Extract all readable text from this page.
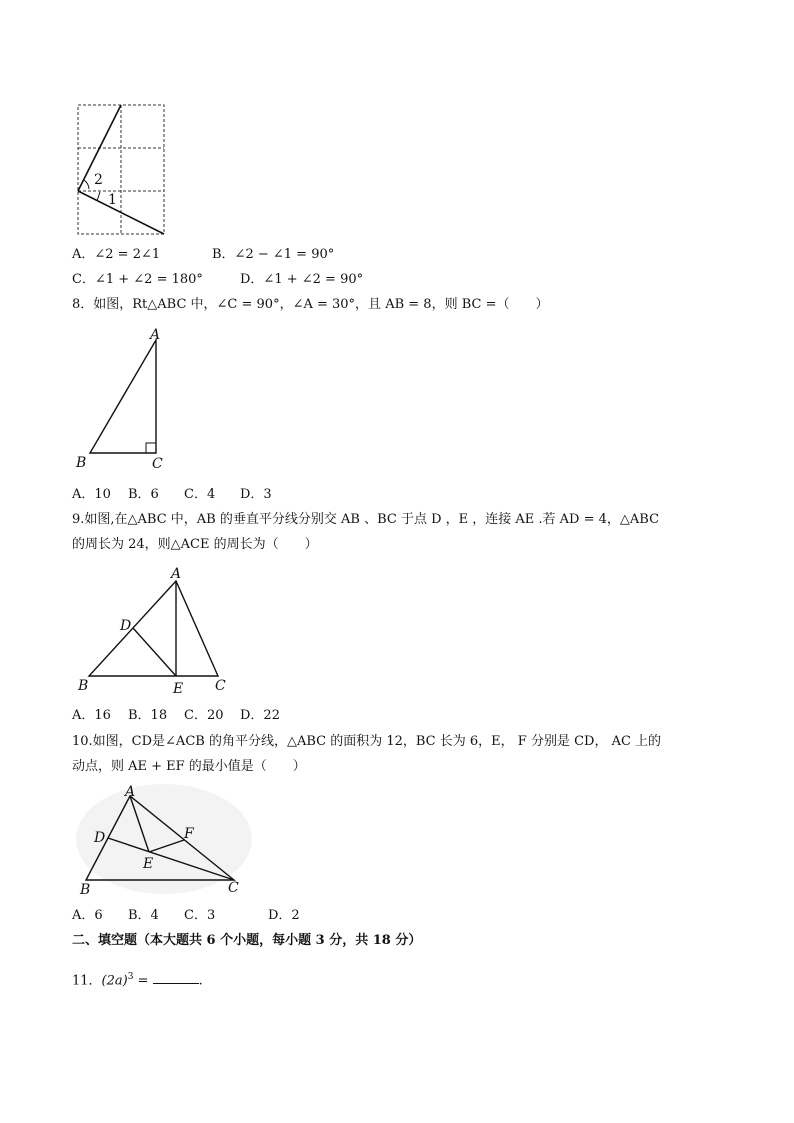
2
1
A．∠2 = 2∠1	B．∠2 − ∠1 = 90°
C．∠1 + ∠2 = 180°	D．∠1 + ∠2 = 90°
8．如图，Rt△ABC 中，∠C = 90°，∠A = 30°，且 AB = 8，则 BC =（　　）
A
B	C
A．10 B．6 C．4 D．3
9.如图,在△ABC 中，AB 的垂直平分线分别交 AB 、BC 于点 D ，E ，连接 AE .若 AD = 4，△ABC
的周长为 24，则△ACE 的周长为（　　）
A
B	C
D
E
A．16 B．18 C．20 D．22
10.如图，CD是∠ACB 的角平分线，△ABC 的面积为 12，BC 长为 6，E， F 分别是 CD， AC 上的
动点，则 AE + EF 的最小值是（　　）
A
B	C
D
E
F
A．6 B．4 C．3	D．2
二、填空题（本大题共 6 个小题，每小题 3 分，共 18 分）
11．$(2a)^3$ =	.
